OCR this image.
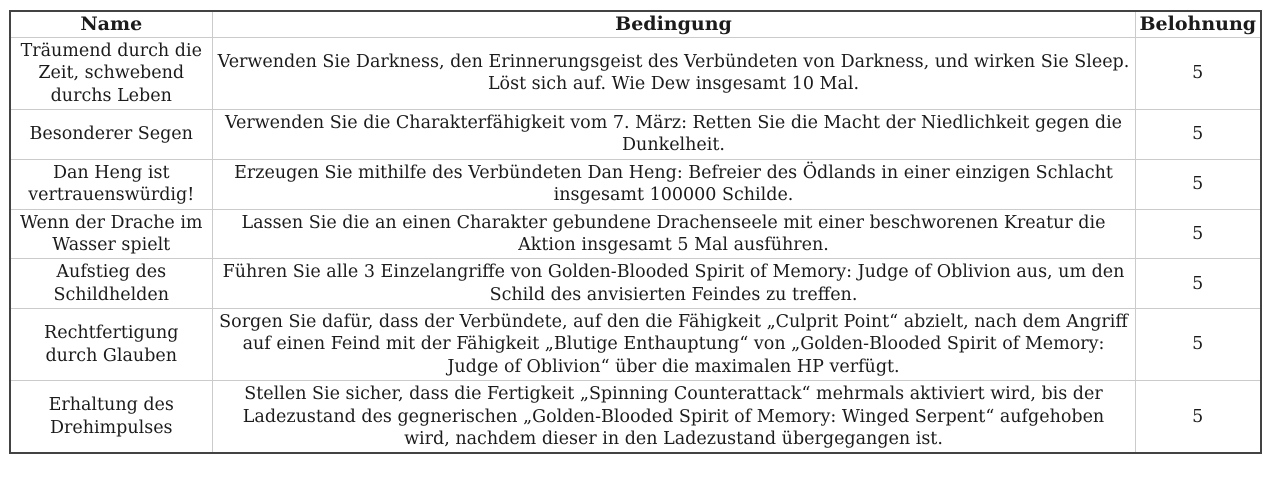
Name	Bedingung	Belohnung
Träumend durch die Zeit, schwebend durchs Leben	Verwenden Sie Darkness, den Erinnerungsgeist des Verbündeten von Darkness, und wirken Sie Sleep. Löst sich auf. Wie Dew insgesamt 10 Mal.	5
Besonderer Segen	Verwenden Sie die Charakterfähigkeit vom 7. März: Retten Sie die Macht der Niedlichkeit gegen die Dunkelheit.	5
Dan Heng ist vertrauenswürdig!	Erzeugen Sie mithilfe des Verbündeten Dan Heng: Befreier des Ödlands in einer einzigen Schlacht insgesamt 100000 Schilde.	5
Wenn der Drache im Wasser spielt	Lassen Sie die an einen Charakter gebundene Drachenseele mit einer beschworenen Kreatur die Aktion insgesamt 5 Mal ausführen.	5
Aufstieg des Schildhelden	Führen Sie alle 3 Einzelangriffe von Golden-Blooded Spirit of Memory: Judge of Oblivion aus, um den Schild des anvisierten Feindes zu treffen.	5
Rechtfertigung durch Glauben	Sorgen Sie dafür, dass der Verbündete, auf den die Fähigkeit „Culprit Point“ abzielt, nach dem Angriff auf einen Feind mit der Fähigkeit „Blutige Enthauptung“ von „Golden-Blooded Spirit of Memory: Judge of Oblivion“ über die maximalen HP verfügt.	5
Erhaltung des Drehimpulses	Stellen Sie sicher, dass die Fertigkeit „Spinning Counterattack“ mehrmals aktiviert wird, bis der Ladezustand des gegnerischen „Golden-Blooded Spirit of Memory: Winged Serpent“ aufgehoben wird, nachdem dieser in den Ladezustand übergegangen ist.	5
